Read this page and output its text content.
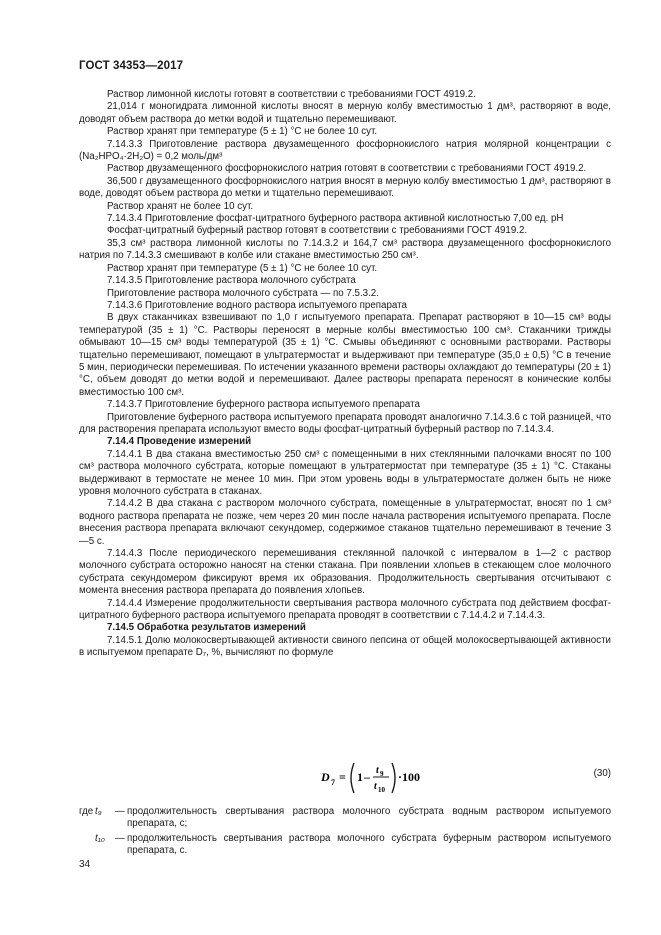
ГОСТ 34353—2017

Раствор лимонной кислоты готовят в соответствии с требованиями ГОСТ 4919.2.

21,014 г моногидрата лимонной кислоты вносят в мерную колбу вместимостью 1 дм³, растворяют в воде, доводят объем раствора до метки водой и тщательно перемешивают.

Раствор хранят при температуре (5 ± 1) °С не более 10 сут.

7.14.3.3 Приготовление раствора двузамещенного фосфорнокислого натрия молярной концентрации c (Na₂HPO₄·2H₂O) = 0,2 моль/дм³

Раствор двузамещенного фосфорнокислого натрия готовят в соответствии с требованиями ГОСТ 4919.2.

36,500 г двузамещенного фосфорнокислого натрия вносят в мерную колбу вместимостью 1 дм³, растворяют в воде, доводят объем раствора до метки и тщательно перемешивают.

Раствор хранят не более 10 сут.

7.14.3.4 Приготовление фосфат-цитратного буферного раствора активной кислотностью 7,00 ед. pH

Фосфат-цитратный буферный раствор готовят в соответствии с требованиями ГОСТ 4919.2.

35,3 см³ раствора лимонной кислоты по 7.14.3.2 и 164,7 см³ раствора двузамещенного фосфорнокислого натрия по 7.14.3.3 смешивают в колбе или стакане вместимостью 250 см³.

Раствор хранят при температуре (5 ± 1) °С не более 10 сут.

7.14.3.5 Приготовление раствора молочного субстрата

Приготовление раствора молочного субстрата — по 7.5.3.2.

7.14.3.6 Приготовление водного раствора испытуемого препарата

В двух стаканчиках взвешивают по 1,0 г испытуемого препарата. Препарат растворяют в 10—15 см³ воды температурой (35 ± 1) °С. Растворы переносят в мерные колбы вместимостью 100 см³. Стаканчики трижды обмывают 10—15 см³ воды температурой (35 ± 1) °С. Смывы объединяют с основными растворами. Растворы тщательно перемешивают, помещают в ультратермостат и выдерживают при температуре (35,0 ± 0,5) °С в течение 5 мин, периодически перемешивая. По истечении указанного времени растворы охлаждают до температуры (20 ± 1) °С, объем доводят до метки водой и перемешивают. Далее растворы препарата переносят в конические колбы вместимостью 100 см³.

7.14.3.7 Приготовление буферного раствора испытуемого препарата

Приготовление буферного раствора испытуемого препарата проводят аналогично 7.14.3.6 с той разницей, что для растворения препарата используют вместо воды фосфат-цитратный буферный раствор по 7.14.3.4.

7.14.4 Проведение измерений

7.14.4.1 В два стакана вместимостью 250 см³ с помещенными в них стеклянными палочками вносят по 100 см³ раствора молочного субстрата, которые помещают в ультратермостат при температуре (35 ± 1) °С. Стаканы выдерживают в термостате не менее 10 мин. При этом уровень воды в ультратермостате должен быть не ниже уровня молочного субстрата в стаканах.

7.14.4.2 В два стакана с раствором молочного субстрата, помещенные в ультратермостат, вносят по 1 см³ водного раствора препарата не позже, чем через 20 мин после начала растворения испытуемого препарата. После внесения раствора препарата включают секундомер, содержимое стаканов тщательно перемешивают в течение 3—5 с.

7.14.4.3 После периодического перемешивания стеклянной палочкой с интервалом в 1—2 с раствор молочного субстрата осторожно наносят на стенки стакана. При появлении хлопьев в стекающем слое молочного субстрата секундомером фиксируют время их образования. Продолжительность свертывания отсчитывают с момента внесения раствора препарата до появления хлопьев.

7.14.4.4 Измерение продолжительности свертывания раствора молочного субстрата под действием фосфат-цитратного буферного раствора испытуемого препарата проводят в соответствии с 7.14.4.2 и 7.14.4.3.

7.14.5 Обработка результатов измерений

7.14.5.1 Долю молокосвертывающей активности свиного пепсина от общей молокосвертывающей активности в испытуемом препарате D₇, %, вычисляют по формуле

D 7 = 1 – t 9
t 10
·100	(30)
где t₉ — продолжительность свертывания раствора молочного субстрата водным раствором испытуемого препарата, с;
t₁₀ — продолжительность свертывания раствора молочного субстрата буферным раствором испытуемого препарата, с.
34
